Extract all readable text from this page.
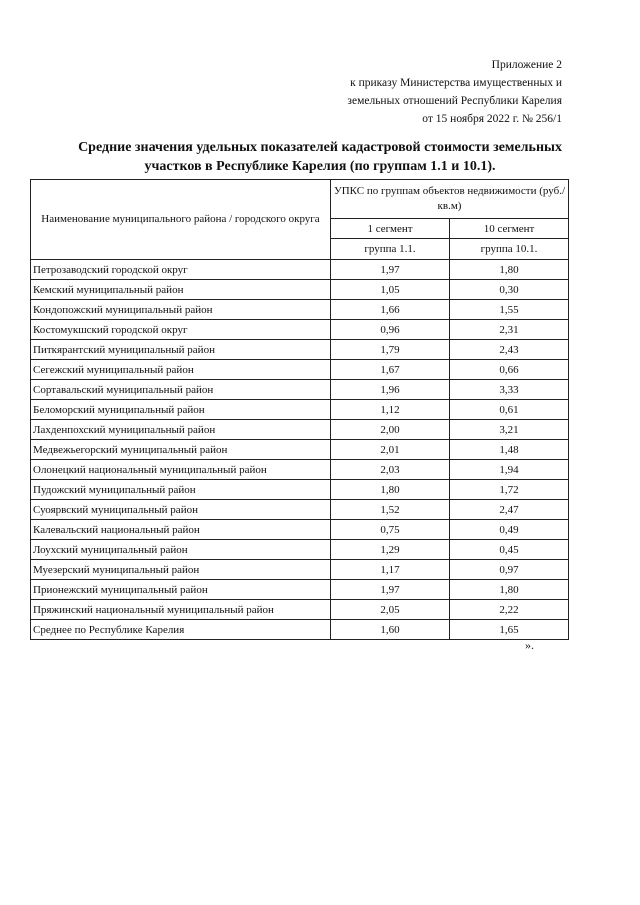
Приложение 2
к приказу Министерства имущественных и
земельных отношений Республики Карелия
от 15 ноября 2022 г. № 256/1
Средние значения удельных показателей кадастровой стоимости земельных
участков в Республике Карелия (по группам 1.1 и 10.1).
Наименование муниципального района / городского округа	УПКС по группам объектов недвижимости (руб./кв.м)	
	1 сегмент	10 сегмент
	группа 1.1.	группа 10.1.
Петрозаводский городской округ	1,97	1,80
Кемский муниципальный район	1,05	0,30
Кондопожский муниципальный район	1,66	1,55
Костомукшский городской округ	0,96	2,31
Питкярантский муниципальный район	1,79	2,43
Сегежский муниципальный район	1,67	0,66
Сортавальский муниципальный район	1,96	3,33
Беломорский муниципальный район	1,12	0,61
Лахденпохский муниципальный район	2,00	3,21
Медвежьегорский муниципальный район	2,01	1,48
Олонецкий национальный муниципальный район	2,03	1,94
Пудожский муниципальный район	1,80	1,72
Суоярвский муниципальный район	1,52	2,47
Калевальский национальный район	0,75	0,49
Лоухский муниципальный район	1,29	0,45
Муезерский муниципальный район	1,17	0,97
Прионежский муниципальный район	1,97	1,80
Пряжинский национальный муниципальный район	2,05	2,22
Среднее по Республике Карелия	1,60	1,65
».
